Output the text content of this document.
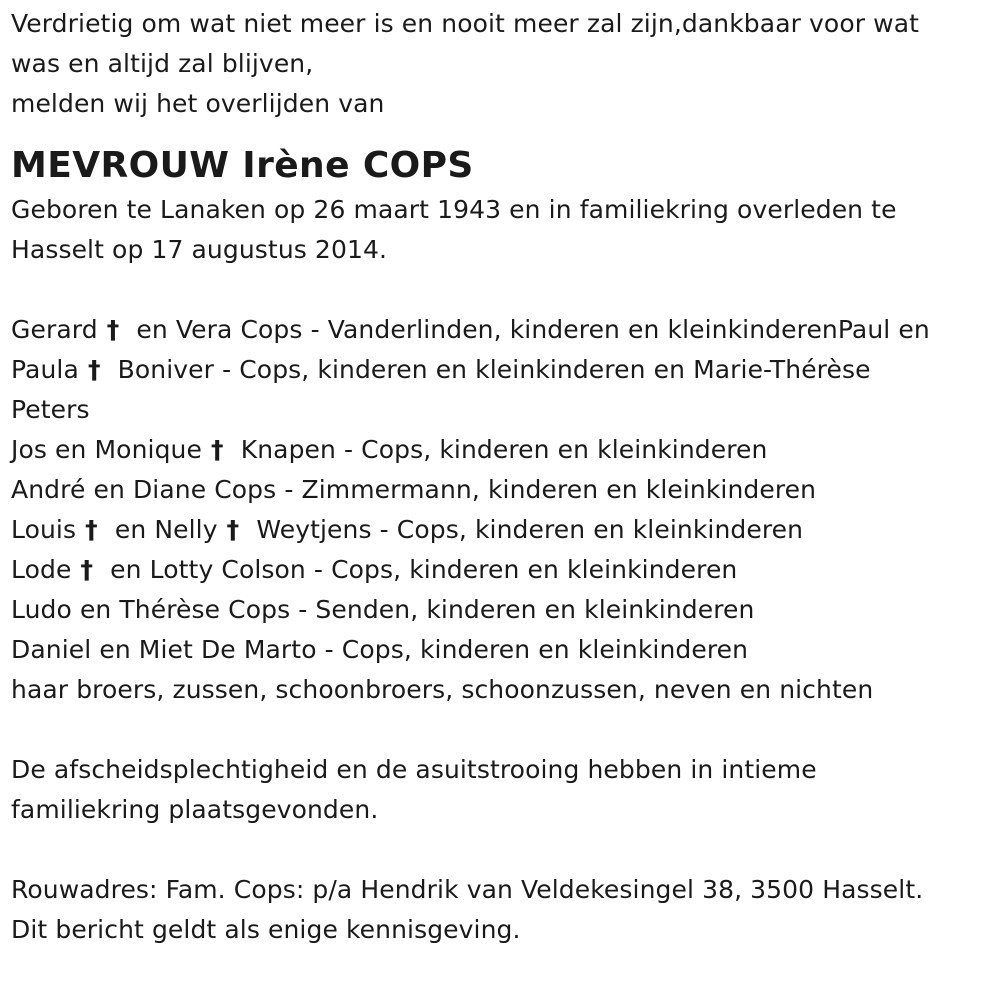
Verdrietig om wat niet meer is en nooit meer zal zijn,dankbaar voor wat
was en altijd zal blijven,
melden wij het overlijden van
MEVROUW Irène COPS
Geboren te Lanaken op 26 maart 1943 en in familiekring overleden te
Hasselt op 17 augustus 2014.
Gerard †  en Vera Cops - Vanderlinden, kinderen en kleinkinderenPaul en
Paula †  Boniver - Cops, kinderen en kleinkinderen en Marie-Thérèse
Peters
Jos en Monique †  Knapen - Cops, kinderen en kleinkinderen
André en Diane Cops - Zimmermann, kinderen en kleinkinderen
Louis †  en Nelly †  Weytjens - Cops, kinderen en kleinkinderen
Lode †  en Lotty Colson - Cops, kinderen en kleinkinderen
Ludo en Thérèse Cops - Senden, kinderen en kleinkinderen
Daniel en Miet De Marto - Cops, kinderen en kleinkinderen
haar broers, zussen, schoonbroers, schoonzussen, neven en nichten
De afscheidsplechtigheid en de asuitstrooing hebben in intieme
familiekring plaatsgevonden.
Rouwadres: Fam. Cops: p/a Hendrik van Veldekesingel 38, 3500 Hasselt.
Dit bericht geldt als enige kennisgeving.
